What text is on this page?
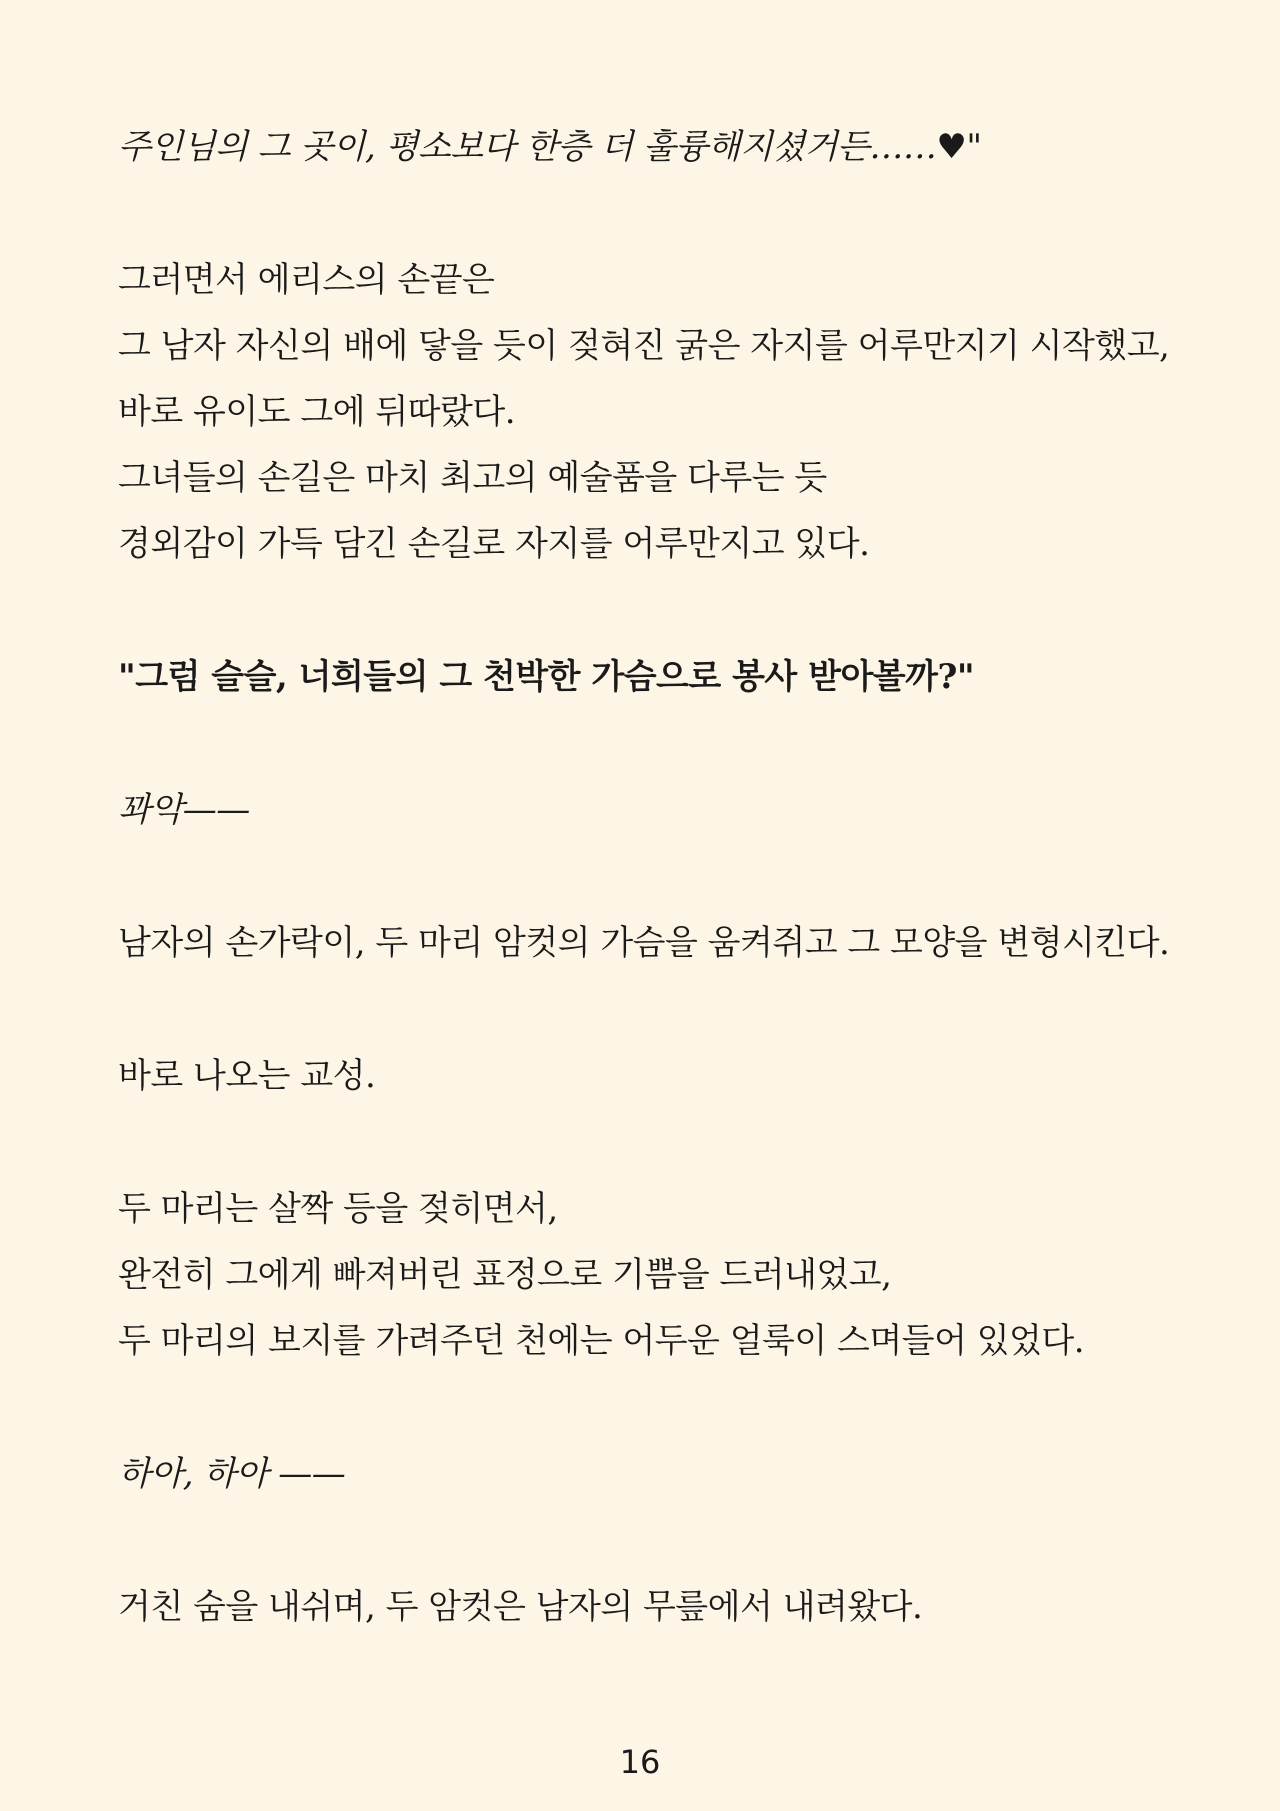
주인님의 그 곳이, 평소보다 한층 더 훌륭해지셨거든……♥"
그러면서 에리스의 손끝은
그 남자 자신의 배에 닿을 듯이 젖혀진 굵은 자지를 어루만지기 시작했고,
바로 유이도 그에 뒤따랐다.
그녀들의 손길은 마치 최고의 예술품을 다루는 듯
경외감이 가득 담긴 손길로 자지를 어루만지고 있다.
"그럼 슬슬, 너희들의 그 천박한 가슴으로 봉사 받아볼까?"
꽈악——
남자의 손가락이, 두 마리 암컷의 가슴을 움켜쥐고 그 모양을 변형시킨다.
바로 나오는 교성.
두 마리는 살짝 등을 젖히면서,
완전히 그에게 빠져버린 표정으로 기쁨을 드러내었고,
두 마리의 보지를 가려주던 천에는 어두운 얼룩이 스며들어 있었다.
하아, 하아 ——
거친 숨을 내쉬며, 두 암컷은 남자의 무릎에서 내려왔다.
16
